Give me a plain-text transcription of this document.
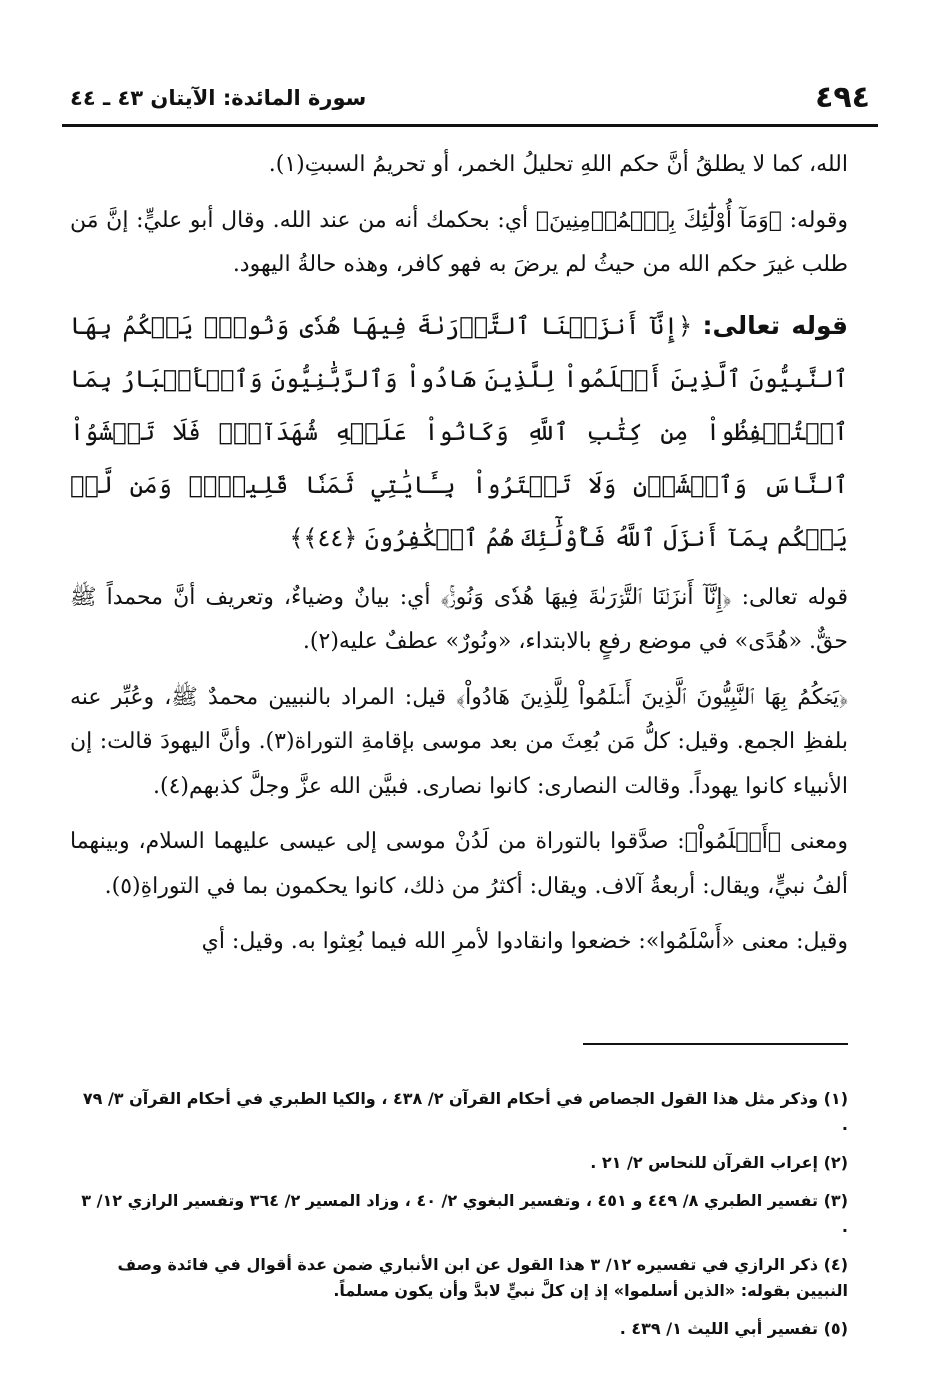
٤٩٤
سورة المائدة: الآيتان ٤٣ ـ ٤٤

الله، كما لا يطلقُ أنَّ حكم اللهِ تحليلُ الخمر، أو تحريمُ السبتِ(١).

وقوله: ﴿وَمَآ أُوْلَٰٓئِكَ بِٱلۡمُؤۡمِنِينَ﴾ أي: بحكمك أنه من عند الله. وقال أبو عليٍّ: إنَّ مَن طلب غيرَ حكم الله من حيثُ لم يرضَ به فهو كافر، وهذه حالةُ اليهود.

قوله تعالى: ﴿إِنَّآ أَنزَلۡنَا ٱلتَّوۡرَىٰةَ فِيهَا هُدٗى وَنُورٞۚ يَحۡكُمُ بِهَا ٱلنَّبِيُّونَ ٱلَّذِينَ أَسۡلَمُواْ لِلَّذِينَ هَادُواْ وَٱلرَّبَّٰنِيُّونَ وَٱلۡأَحۡبَارُ بِمَا ٱسۡتُحۡفِظُواْ مِن كِتَٰبِ ٱللَّهِ وَكَانُواْ عَلَيۡهِ شُهَدَآءَۚ فَلَا تَخۡشَوُاْ ٱلنَّاسَ وَٱخۡشَوۡنِ وَلَا تَشۡتَرُواْ بِـَٔايَٰتِي ثَمَنٗا قَلِيلٗاۚ وَمَن لَّمۡ يَحۡكُم بِمَآ أَنزَلَ ٱللَّهُ فَأُوْلَٰٓئِكَ هُمُ ٱلۡكَٰفِرُونَ ﴿٤٤﴾﴾

قوله تعالى: ﴿إِنَّآ أَنزَلۡنَا ٱلتَّوۡرَىٰةَ فِيهَا هُدٗى وَنُورٞۚ﴾ أي: بيانٌ وضياءٌ، وتعريف أنَّ محمداً ﷺ حقٌّ. «هُدًى» في موضع رفعٍ بالابتداء، «ونُورٌ» عطفٌ عليه(٢).

﴿يَحۡكُمُ بِهَا ٱلنَّبِيُّونَ ٱلَّذِينَ أَسۡلَمُواْ لِلَّذِينَ هَادُواْ﴾ قيل: المراد بالنبيين محمدٌ ﷺ، وعُبِّر عنه بلفظِ الجمع. وقيل: كلُّ مَن بُعِثَ من بعد موسى بإقامةِ التوراة(٣). وأنَّ اليهودَ قالت: إن الأنبياء كانوا يهوداً. وقالت النصارى: كانوا نصارى. فبيَّن الله عزَّ وجلَّ كذبهم(٤).

ومعنى ﴿أَسۡلَمُواْ﴾: صدَّقوا بالتوراة من لَدُنْ موسى إلى عيسى عليهما السلام، وبينهما ألفُ نبيٍّ، ويقال: أربعةُ آلاف. ويقال: أكثرُ من ذلك، كانوا يحكمون بما في التوراةِ(٥).

وقيل: معنى «أَسْلَمُوا»: خضعوا وانقادوا لأمرِ الله فيما بُعِثوا به. وقيل: أي

(١) وذكر مثل هذا القول الجصاص في أحكام القرآن ٢/ ٤٣٨ ، والكيا الطبري في أحكام القرآن ٣/ ٧٩ .

(٢) إعراب القرآن للنحاس ٢/ ٢١ .

(٣) تفسير الطبري ٨/ ٤٤٩ و ٤٥١ ، وتفسير البغوي ٢/ ٤٠ ، وزاد المسير ٢/ ٣٦٤ وتفسير الرازي ١٢/ ٣ .

(٤) ذكر الرازي في تفسيره ١٢/ ٣ هذا القول عن ابن الأنباري ضمن عدة أقوال في فائدة وصف النبيين بقوله: «الذين أسلموا» إذ إن كلَّ نبيٍّ لابدَّ وأن يكون مسلماً.

(٥) تفسير أبي الليث ١/ ٤٣٩ .
